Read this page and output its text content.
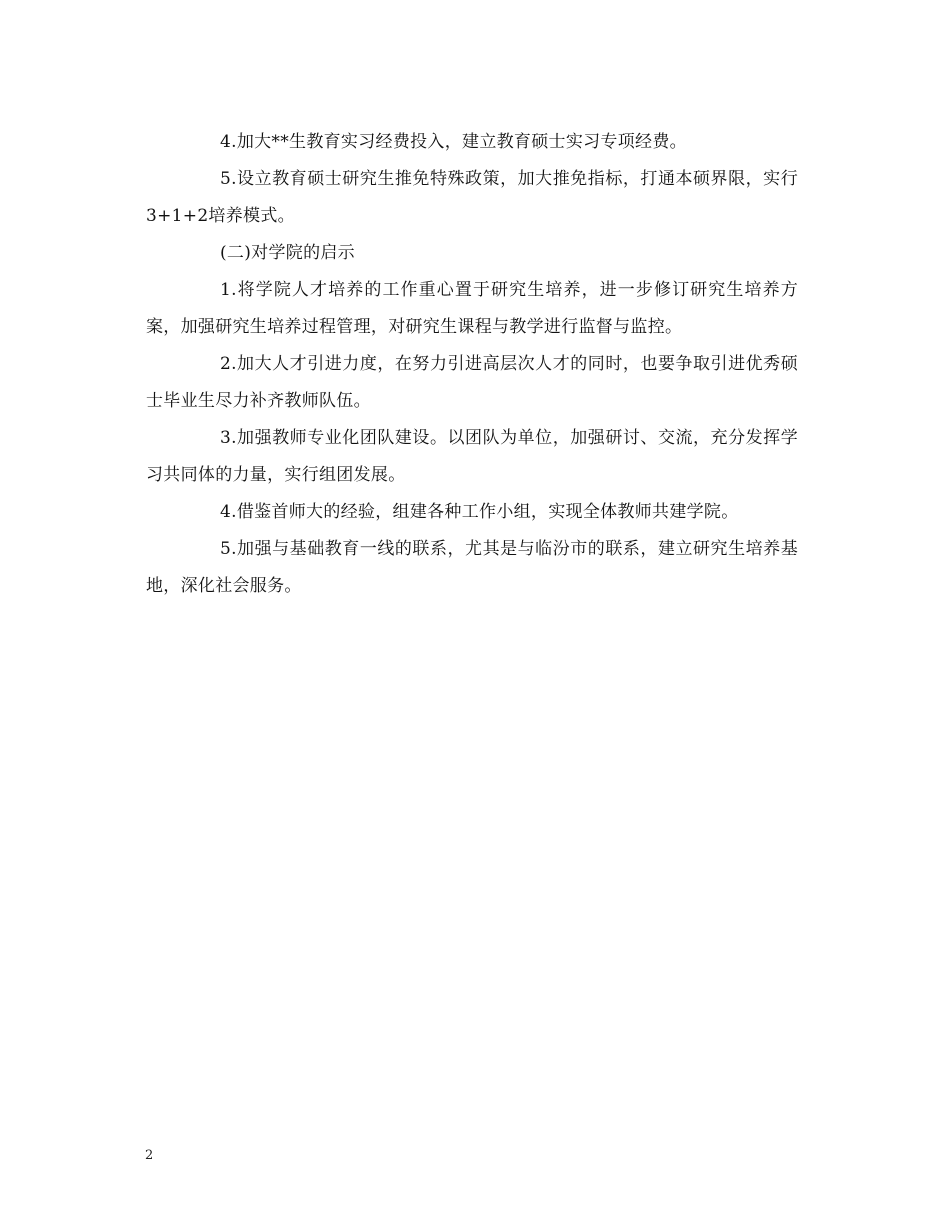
4.加大**生教育实习经费投入，建立教育硕士实习专项经费。

5.设立教育硕士研究生推免特殊政策，加大推免指标，打通本硕界限，实行3+1+2培养模式。

(二)对学院的启示

1.将学院人才培养的工作重心置于研究生培养，进一步修订研究生培养方案，加强研究生培养过程管理，对研究生课程与教学进行监督与监控。

2.加大人才引进力度，在努力引进高层次人才的同时，也要争取引进优秀硕士毕业生尽力补齐教师队伍。

3.加强教师专业化团队建设。以团队为单位，加强研讨、交流，充分发挥学习共同体的力量，实行组团发展。

4.借鉴首师大的经验，组建各种工作小组，实现全体教师共建学院。

5.加强与基础教育一线的联系，尤其是与临汾市的联系，建立研究生培养基地，深化社会服务。

2
